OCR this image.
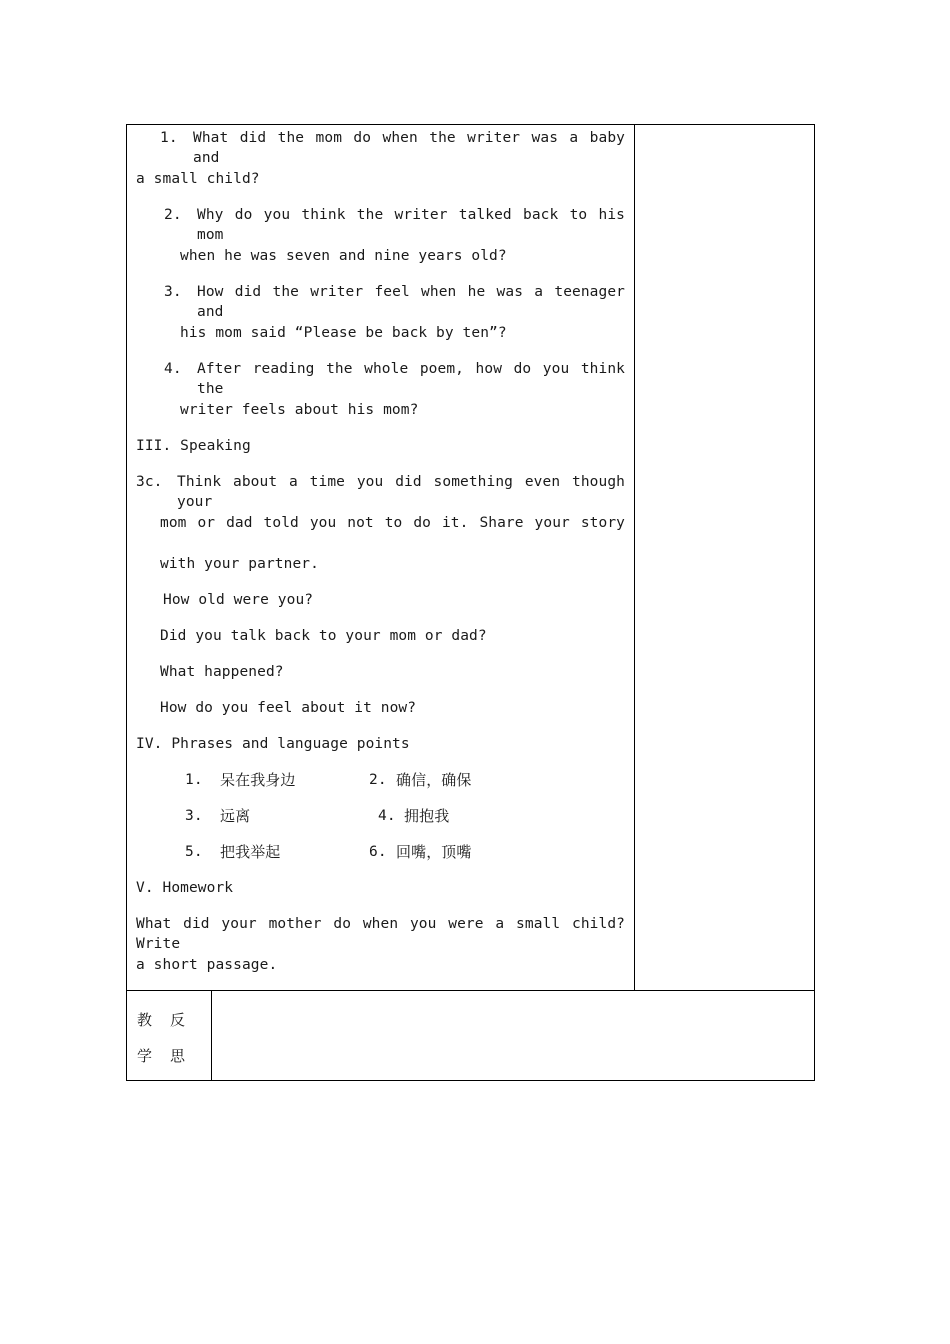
1. What did the mom do when the writer was a baby and
a small child?
2. Why do you think the writer talked back to his mom
when he was seven and nine years old?
3. How did the writer feel when he was a teenager and
his mom said “Please be back by ten”?
4. After reading the whole poem, how do you think the
writer feels about his mom?
III. Speaking
3c. Think about a time you did something even though your
mom or dad told you not to do it. Share your story
with your partner.
How old were you?
Did you talk back to your mom or dad?
What happened?
How do you feel about it now?
IV. Phrases and language points
1. 呆在我身边	2. 确信，确保
3. 远离	4. 拥抱我
5. 把我举起	6. 回嘴，顶嘴
V. Homework
What did your mother do when you were a small child? Write
a short passage.
教 反
学 思
